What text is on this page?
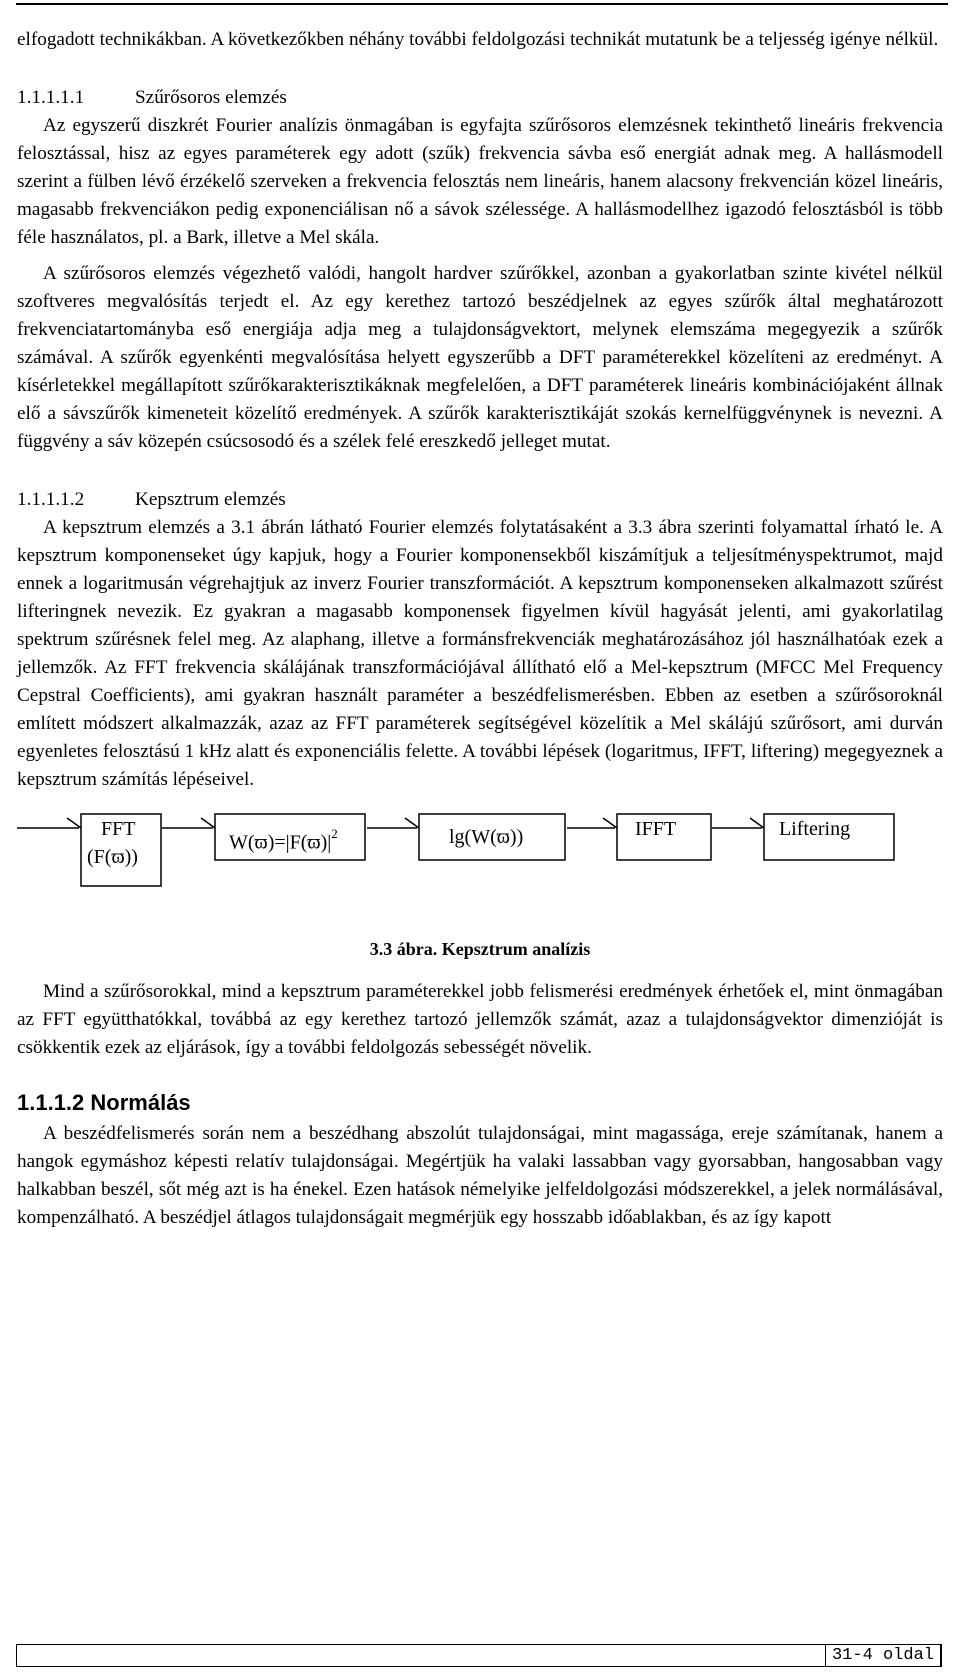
elfogadott technikákban. A következőkben néhány további feldolgozási technikát mutatunk be a teljesség igénye nélkül.

1.1.1.1.1	Szűrősoros elemzés

Az egyszerű diszkrét Fourier analízis önmagában is egyfajta szűrősoros elemzésnek tekinthető lineáris frekvencia felosztással, hisz az egyes paraméterek egy adott (szűk) frekvencia sávba eső energiát adnak meg. A hallásmodell szerint a fülben lévő érzékelő szerveken a frekvencia felosztás nem lineáris, hanem alacsony frekvencián közel lineáris, magasabb frekvenciákon pedig exponenciálisan nő a sávok szélessége. A hallásmodellhez igazodó felosztásból is több féle használatos, pl. a Bark, illetve a Mel skála.

A szűrősoros elemzés végezhető valódi, hangolt hardver szűrőkkel, azonban a gyakorlatban szinte kivétel nélkül szoftveres megvalósítás terjedt el. Az egy kerethez tartozó beszédjelnek az egyes szűrők által meghatározott frekvenciatartományba eső energiája adja meg a tulajdonságvektort, melynek elemszáma megegyezik a szűrők számával. A szűrők egyenkénti megvalósítása helyett egyszerűbb a DFT paraméterekkel közelíteni az eredményt. A kísérletekkel megállapított szűrőkarakterisztikáknak megfelelően, a DFT paraméterek lineáris kombinációjaként állnak elő a sávszűrők kimeneteit közelítő eredmények. A szűrők karakterisztikáját szokás kernelfüggvénynek is nevezni. A függvény a sáv közepén csúcsosodó és a szélek felé ereszkedő jelleget mutat.

1.1.1.1.2	Kepsztrum elemzés

A kepsztrum elemzés a 3.1 ábrán látható Fourier elemzés folytatásaként a 3.3 ábra szerinti folyamattal írható le. A kepsztrum komponenseket úgy kapjuk, hogy a Fourier komponensekből kiszámítjuk a teljesítményspektrumot, majd ennek a logaritmusán végrehajtjuk az inverz Fourier transzformációt. A kepsztrum komponenseken alkalmazott szűrést lifteringnek nevezik. Ez gyakran a magasabb komponensek figyelmen kívül hagyását jelenti, ami gyakorlatilag spektrum szűrésnek felel meg. Az alaphang, illetve a formánsfrekvenciák meghatározásához jól használhatóak ezek a jellemzők. Az FFT frekvencia skálájának transzformációjával állítható elő a Mel-kepsztrum (MFCC Mel Frequency Cepstral Coefficients), ami gyakran használt paraméter a beszédfelismerésben. Ebben az esetben a szűrősoroknál említett módszert alkalmazzák, azaz az FFT paraméterek segítségével közelítik a Mel skálájú szűrősort, ami durván egyenletes felosztású 1 kHz alatt és exponenciális felette. A további lépések (logaritmus, IFFT, liftering) megegyeznek a kepsztrum számítás lépéseivel.

FFT
(F(ϖ))
$W(ϖ)=|F(ϖ)|^2$	lg(W(ϖ))	IFFT	Liftering
3.3 ábra. Kepsztrum analízis

Mind a szűrősorokkal, mind a kepsztrum paraméterekkel jobb felismerési eredmények érhetőek el, mint önmagában az FFT együtthatókkal, továbbá az egy kerethez tartozó jellemzők számát, azaz a tulajdonságvektor dimenzióját is csökkentik ezek az eljárások, így a további feldolgozás sebességét növelik.

1.1.1.2 Normálás

A beszédfelismerés során nem a beszédhang abszolút tulajdonságai, mint magassága, ereje számítanak, hanem a hangok egymáshoz képesti relatív tulajdonságai. Megértjük ha valaki lassabban vagy gyorsabban, hangosabban vagy halkabban beszél, sőt még azt is ha énekel. Ezen hatások némelyike jelfeldolgozási módszerekkel, a jelek normálásával, kompenzálható. A beszédjel átlagos tulajdonságait megmérjük egy hosszabb időablakban, és az így kapott

31-4 oldal
